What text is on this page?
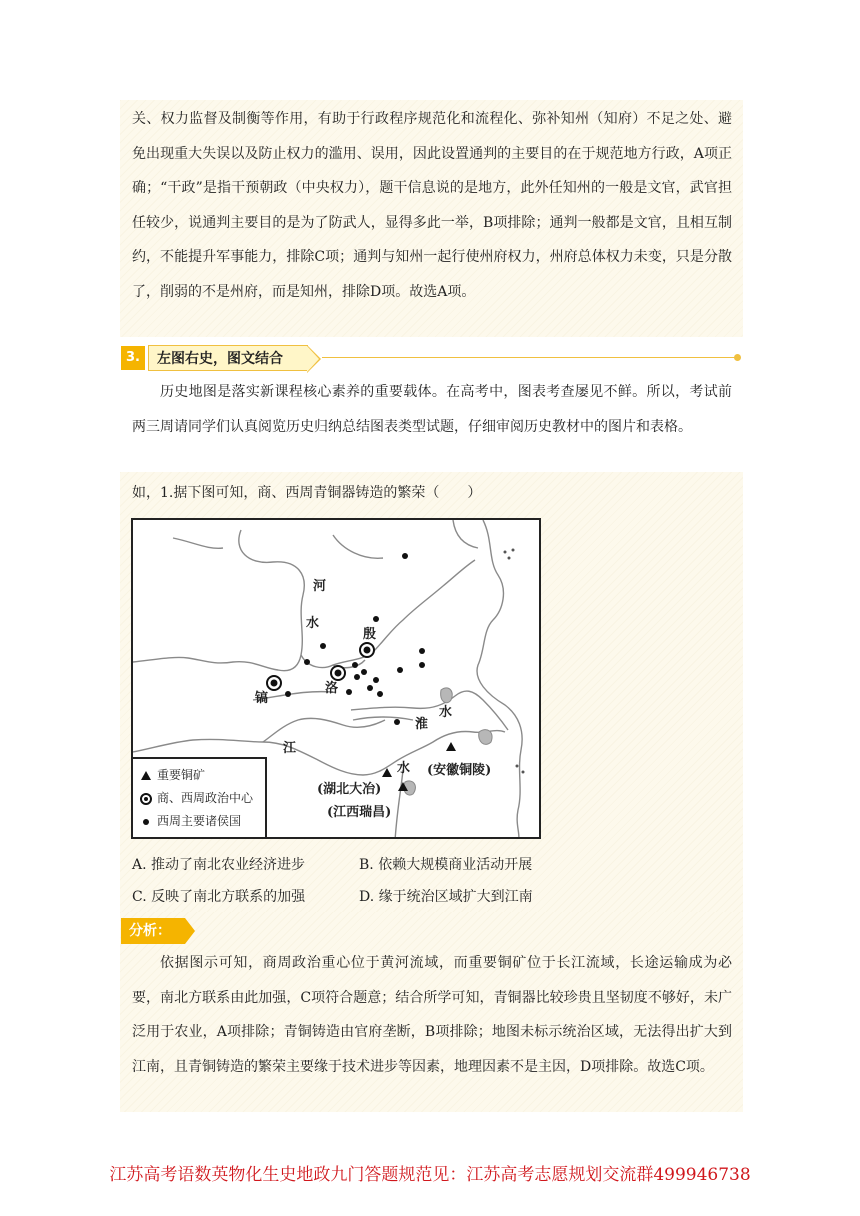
关、权力监督及制衡等作用，有助于行政程序规范化和流程化、弥补知州（知府）不足之处、避免出现重大失误以及防止权力的滥用、误用，因此设置通判的主要目的在于规范地方行政，A项正确；“干政”是指干预朝政（中央权力），题干信息说的是地方，此外任知州的一般是文官，武官担任较少，说通判主要目的是为了防武人，显得多此一举，B项排除；通判一般都是文官，且相互制约，不能提升军事能力，排除C项；通判与知州一起行使州府权力，州府总体权力未变，只是分散了，削弱的不是州府，而是知州，排除D项。故选A项。

3.	左图右史，图文结合

历史地图是落实新课程核心素养的重要载体。在高考中，图表考查屡见不鲜。所以，考试前两三周请同学们认真阅览历史归纳总结图表类型试题，仔细审阅历史教材中的图片和表格。

如，1.据下图可知，商、西周青铜器铸造的繁荣（　　）
河
水
殷
洛
镐
淮
水
江
水 (安徽铜陵)
(湖北大冶)
(江西瑞昌)
重要铜矿
商、西周政治中心
西周主要诸侯国
A. 推动了南北农业经济进步	B. 依赖大规模商业活动开展
C. 反映了南北方联系的加强	D. 缘于统治区域扩大到江南
分析：

依据图示可知，商周政治重心位于黄河流域，而重要铜矿位于长江流域，长途运输成为必要，南北方联系由此加强，C项符合题意；结合所学可知，青铜器比较珍贵且坚韧度不够好，未广泛用于农业，A项排除；青铜铸造由官府垄断，B项排除；地图未标示统治区域，无法得出扩大到江南，且青铜铸造的繁荣主要缘于技术进步等因素，地理因素不是主因，D项排除。故选C项。

江苏高考语数英物化生史地政九门答题规范见：江苏高考志愿规划交流群499946738
